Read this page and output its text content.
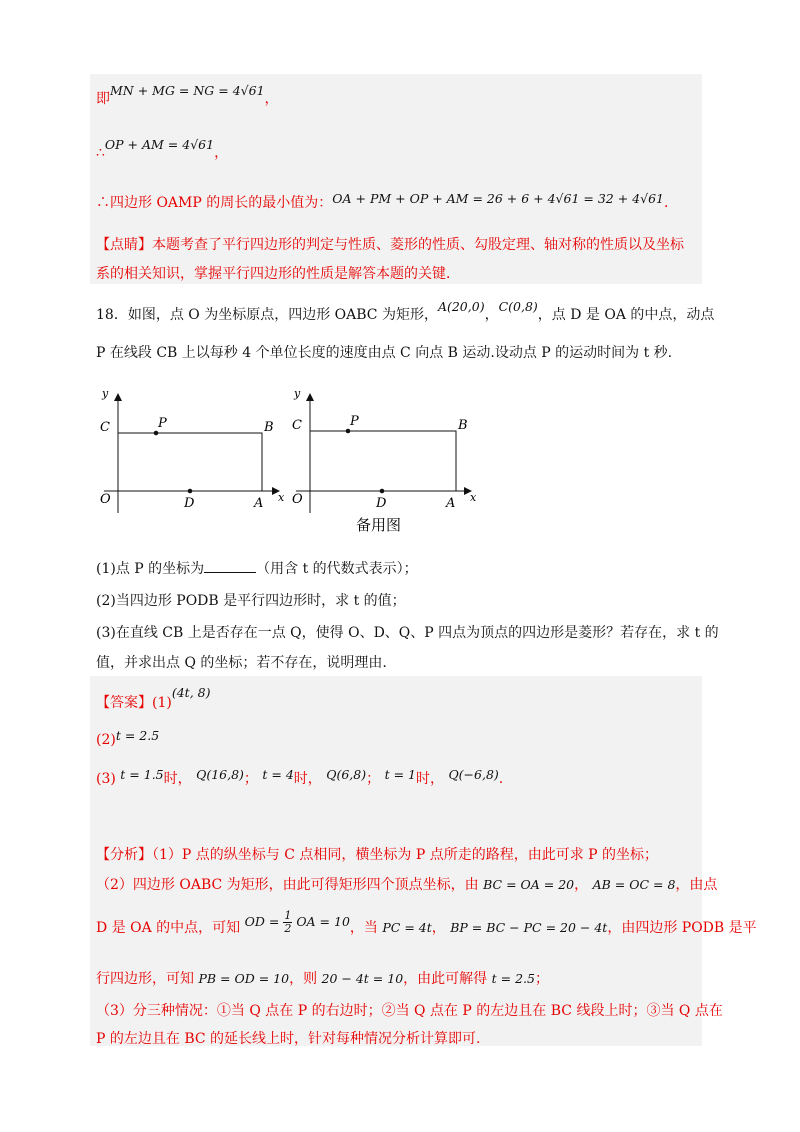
即MN + MG = NG = 4√61，
∴OP + AM = 4√61，
∴四边形 OAMP 的周长的最小值为：OA + PM + OP + AM = 26 + 6 + 4√61 = 32 + 4√61．
【点睛】本题考查了平行四边形的判定与性质、菱形的性质、勾股定理、轴对称的性质以及坐标
系的相关知识，掌握平行四边形的性质是解答本题的关键．
18．如图，点 O 为坐标原点，四边形 OABC 为矩形，A(20,0)，C(0,8)，点 D 是 OA 的中点，动点
P 在线段 CB 上以每秒 4 个单位长度的速度由点 C 向点 B 运动.设动点 P 的运动时间为 t 秒.
y
x
C	P	B
O	D	A
y
x
C	P	B
O	D	A
备用图
(1)点 P 的坐标为	（用含 t 的代数式表示）；
(2)当四边形 PODB 是平行四边形时，求 t 的值；
(3)在直线 CB 上是否存在一点 Q，使得 O、D、Q、P 四点为顶点的四边形是菱形？若存在，求 t 的
值，并求出点 Q 的坐标；若不存在，说明理由.
【答案】(1)(4t, 8)
(2)t = 2.5
(3) t = 1.5时， Q(16,8)； t = 4时， Q(6,8)； t = 1时， Q(−6,8).
【分析】（1）P 点的纵坐标与 C 点相同，横坐标为 P 点所走的路程，由此可求 P 的坐标；
（2）四边形 OABC 为矩形，由此可得矩形四个顶点坐标，由 BC = OA = 20， AB = OC = 8，由点
D 是 OA 的中点，可知 OD = $\frac{1}{2}$ OA = 10，当 PC = 4t， BP = BC − PC = 20 − 4t，由四边形 PODB 是平
行四边形，可知 PB = OD = 10，则 20 − 4t = 10，由此可解得 t = 2.5；
（3）分三种情况：①当 Q 点在 P 的右边时；②当 Q 点在 P 的左边且在 BC 线段上时；③当 Q 点在
P 的左边且在 BC 的延长线上时，针对每种情况分析计算即可.
